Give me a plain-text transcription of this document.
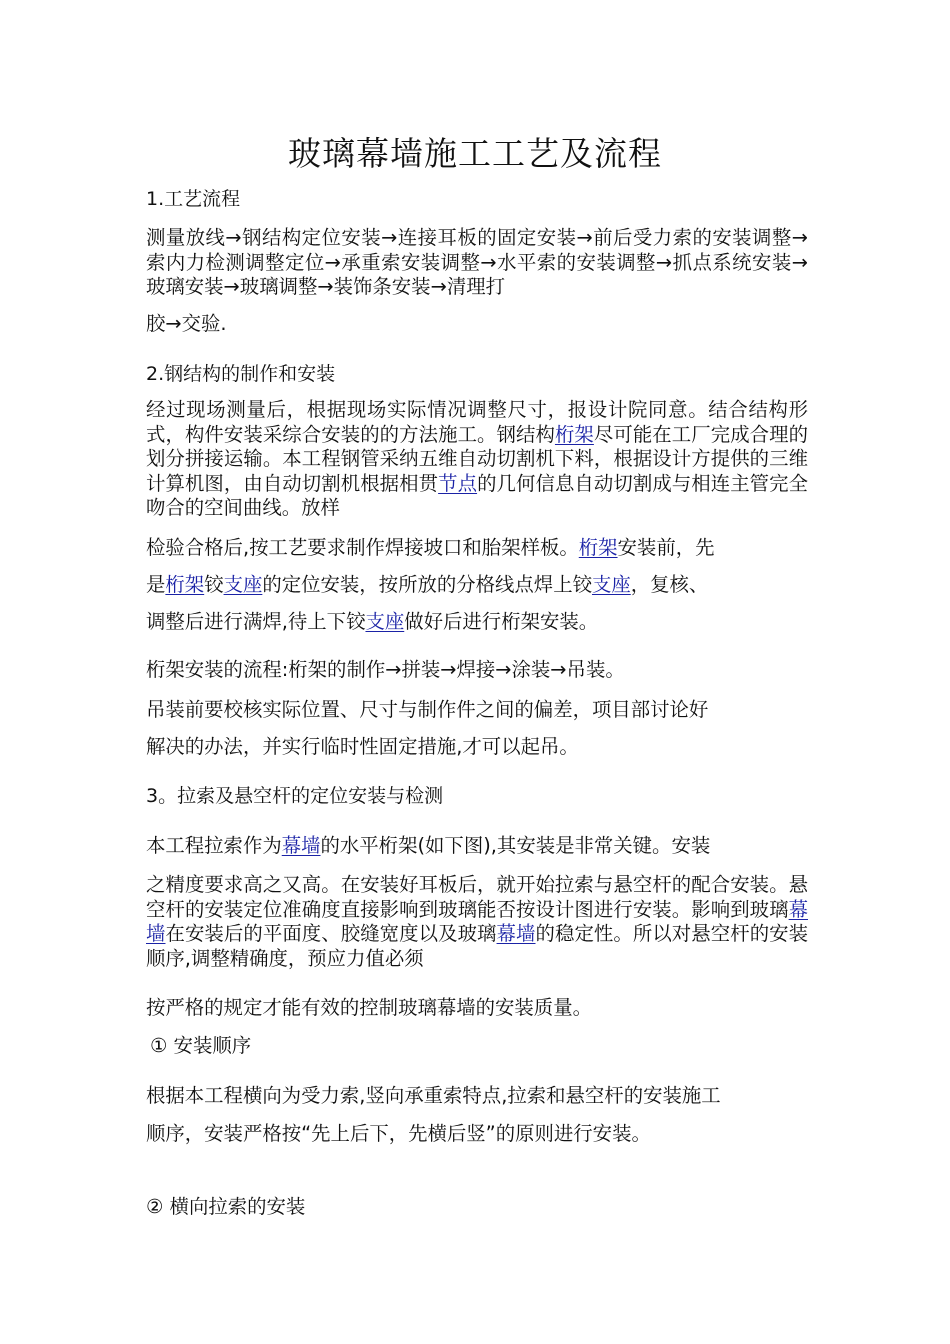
玻璃幕墙施工工艺及流程
1.工艺流程
测量放线→钢结构定位安装→连接耳板的固定安装→前后受力索的安装调整→索内力检测调整定位→承重索安装调整→水平索的安装调整→抓点系统安装→玻璃安装→玻璃调整→装饰条安装→清理打
胶→交验.
2.钢结构的制作和安装
经过现场测量后，根据现场实际情况调整尺寸，报设计院同意。结合结构形式，构件安装采综合安装的的方法施工。钢结构桁架尽可能在工厂完成合理的划分拼接运输。本工程钢管采纳五维自动切割机下料，根据设计方提供的三维计算机图，由自动切割机根据相贯节点的几何信息自动切割成与相连主管完全吻合的空间曲线。放样
检验合格后,按工艺要求制作焊接坡口和胎架样板。桁架安装前，先
是桁架铰支座的定位安装，按所放的分格线点焊上铰支座，复核、
调整后进行满焊,待上下铰支座做好后进行桁架安装。
桁架安装的流程:桁架的制作→拼装→焊接→涂装→吊装。
吊装前要校核实际位置、尺寸与制作件之间的偏差，项目部讨论好
解决的办法，并实行临时性固定措施,才可以起吊。
3。拉索及悬空杆的定位安装与检测
本工程拉索作为幕墙的水平桁架(如下图),其安装是非常关键。安装
之精度要求高之又高。在安装好耳板后，就开始拉索与悬空杆的配合安装。悬空杆的安装定位准确度直接影响到玻璃能否按设计图进行安装。影响到玻璃幕墙在安装后的平面度、胶缝宽度以及玻璃幕墙的稳定性。所以对悬空杆的安装顺序,调整精确度，预应力值必须
按严格的规定才能有效的控制玻璃幕墙的安装质量。
① 安装顺序
根据本工程横向为受力索,竖向承重索特点,拉索和悬空杆的安装施工
顺序，安装严格按“先上后下，先横后竖”的原则进行安装。
② 横向拉索的安装
